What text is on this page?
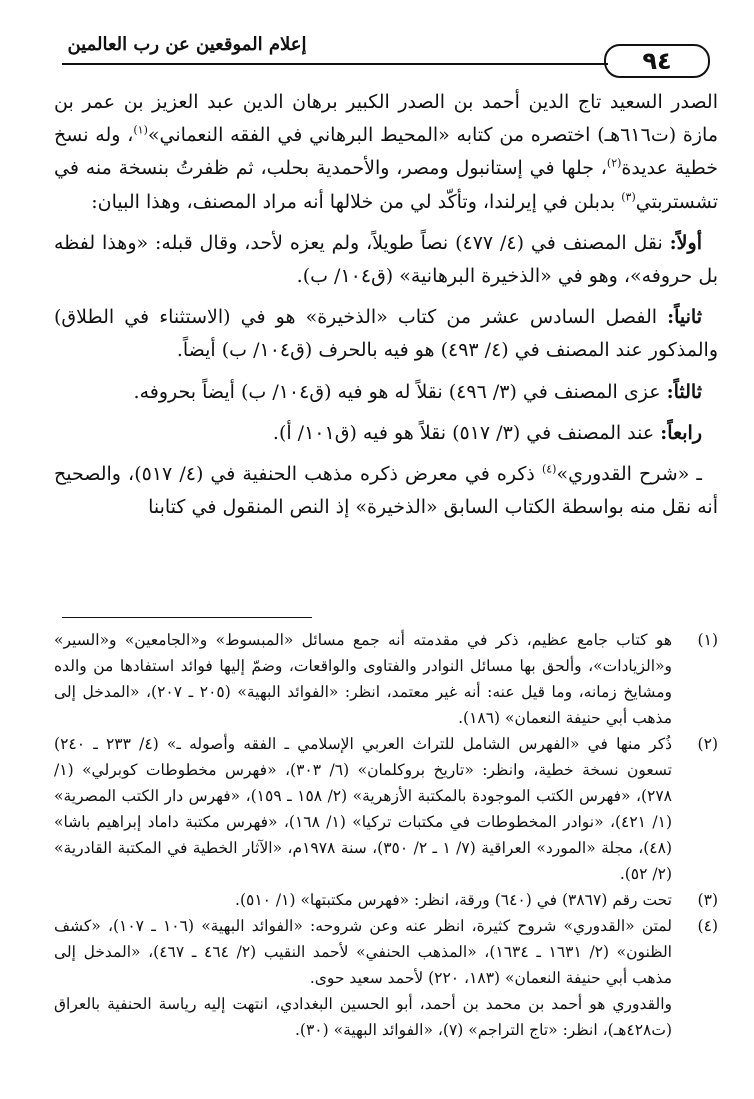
٩٤
إعلام الموقعين عن رب العالمين

الصدر السعيد تاج الدين أحمد بن الصدر الكبير برهان الدين عبد العزيز بن عمر بن مازة (ت٦١٦هـ) اختصره من كتابه «المحيط البرهاني في الفقه النعماني»$^{(١)}$، وله نسخ خطية عديدة$^{(٢)}$، جلها في إستانبول ومصر، والأحمدية بحلب، ثم ظفرتُ بنسخة منه في تشستربتي$^{(٣)}$ بدبلن في إيرلندا، وتأكّد لي من خلالها أنه مراد المصنف، وهذا البيان:

أولاً: نقل المصنف في (٤/ ٤٧٧) نصاً طويلاً، ولم يعزه لأحد، وقال قبله: «وهذا لفظه بل حروفه»، وهو في «الذخيرة البرهانية» (ق١٠٤/ ب).

ثانياً: الفصل السادس عشر من كتاب «الذخيرة» هو في (الاستثناء في الطلاق) والمذكور عند المصنف في (٤/ ٤٩٣) هو فيه بالحرف (ق١٠٤/ ب) أيضاً.

ثالثاً: عزى المصنف في (٣/ ٤٩٦) نقلاً له هو فيه (ق١٠٤/ ب) أيضاً بحروفه.

رابعاً: عند المصنف في (٣/ ٥١٧) نقلاً هو فيه (ق١٠١/ أ).

ـ «شرح القدوري»$^{(٤)}$ ذكره في معرض ذكره مذهب الحنفية في (٤/ ٥١٧)، والصحيح أنه نقل منه بواسطة الكتاب السابق «الذخيرة» إذ النص المنقول في كتابنا

(١)
هو كتاب جامع عظيم، ذكر في مقدمته أنه جمع مسائل «المبسوط» و«الجامعين» و«السير» و«الزيادات»، وألحق بها مسائل النوادر والفتاوى والواقعات، وضمّ إليها فوائد استفادها من والده ومشايخ زمانه، وما قيل عنه: أنه غير معتمد، انظر: «الفوائد البهية» (٢٠٥ ـ ٢٠٧)، «المدخل إلى مذهب أبي حنيفة النعمان» (١٨٦).
(٢)
ذُكر منها في «الفهرس الشامل للتراث العربي الإسلامي ـ الفقه وأصوله ـ» (٤/ ٢٣٣ ـ ٢٤٠) تسعون نسخة خطية، وانظر: «تاريخ بروكلمان» (٦/ ٣٠٣)، «فهرس مخطوطات كوبرلي» (١/ ٢٧٨)، «فهرس الكتب الموجودة بالمكتبة الأزهرية» (٢/ ١٥٨ ـ ١٥٩)، «فهرس دار الكتب المصرية» (١/ ٤٢١)، «نوادر المخطوطات في مكتبات تركيا» (١/ ١٦٨)، «فهرس مكتبة داماد إبراهيم باشا» (٤٨)، مجلة «المورد» العراقية (٧/ ١ ـ ٢/ ٣٥٠)، سنة ١٩٧٨م، «الآثار الخطية في المكتبة القادرية» (٢/ ٥٢).
(٣)
تحت رقم (٣٨٦٧) في (٦٤٠) ورقة، انظر: «فهرس مكتبتها» (١/ ٥١٠).
(٤)
لمتن «القدوري» شروح كثيرة، انظر عنه وعن شروحه: «الفوائد البهية» (١٠٦ ـ ١٠٧)، «كشف الظنون» (٢/ ١٦٣١ ـ ١٦٣٤)، «المذهب الحنفي» لأحمد النقيب (٢/ ٤٦٤ ـ ٤٦٧)، «المدخل إلى مذهب أبي حنيفة النعمان» (١٨٣، ٢٢٠) لأحمد سعيد حوى.
والقدوري هو أحمد بن محمد بن أحمد، أبو الحسين البغدادي، انتهت إليه رياسة الحنفية بالعراق (ت٤٢٨هـ)، انظر: «تاج التراجم» (٧)، «الفوائد البهية» (٣٠).
